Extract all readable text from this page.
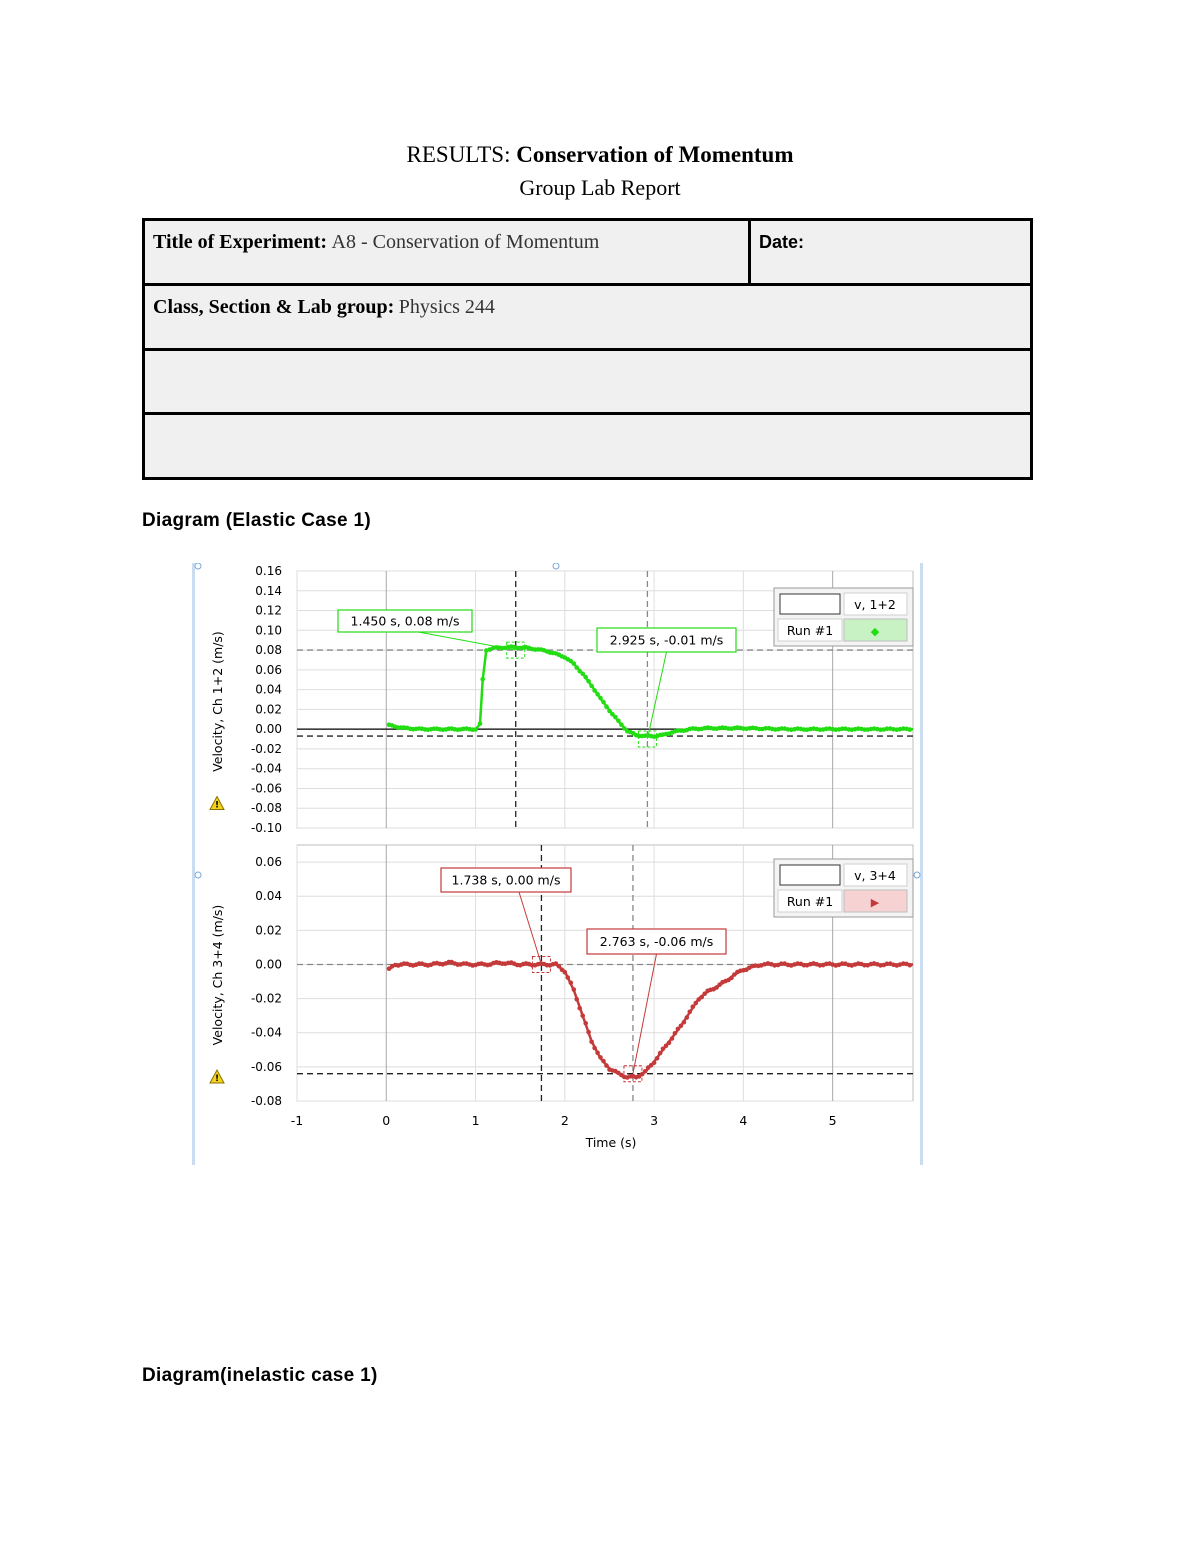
RESULTS: Conservation of Momentum
Group Lab Report
Title of Experiment: A8 - Conservation of Momentum	Date:
Class, Section & Lab group: Physics 244

Diagram (Elastic Case 1)
0.16
0.14
0.12
0.10
0.08
0.06
0.04
0.02
0.00
-0.02
-0.04
-0.06
-0.08
-0.10
1.450 s, 0.08 m/s
2.925 s, -0.01 m/s
v, 1+2
Run #1	◆
Velocity, Ch 1+2 (m/s)
!
0.06
0.04
0.02
0.00
-0.02
-0.04
-0.06
-0.08
1.738 s, 0.00 m/s
2.763 s, -0.06 m/s
v, 3+4
Run #1	▶
Velocity, Ch 3+4 (m/s)
!
-1	0	1	2	3	4	5
Time (s)
Diagram(inelastic case 1)
